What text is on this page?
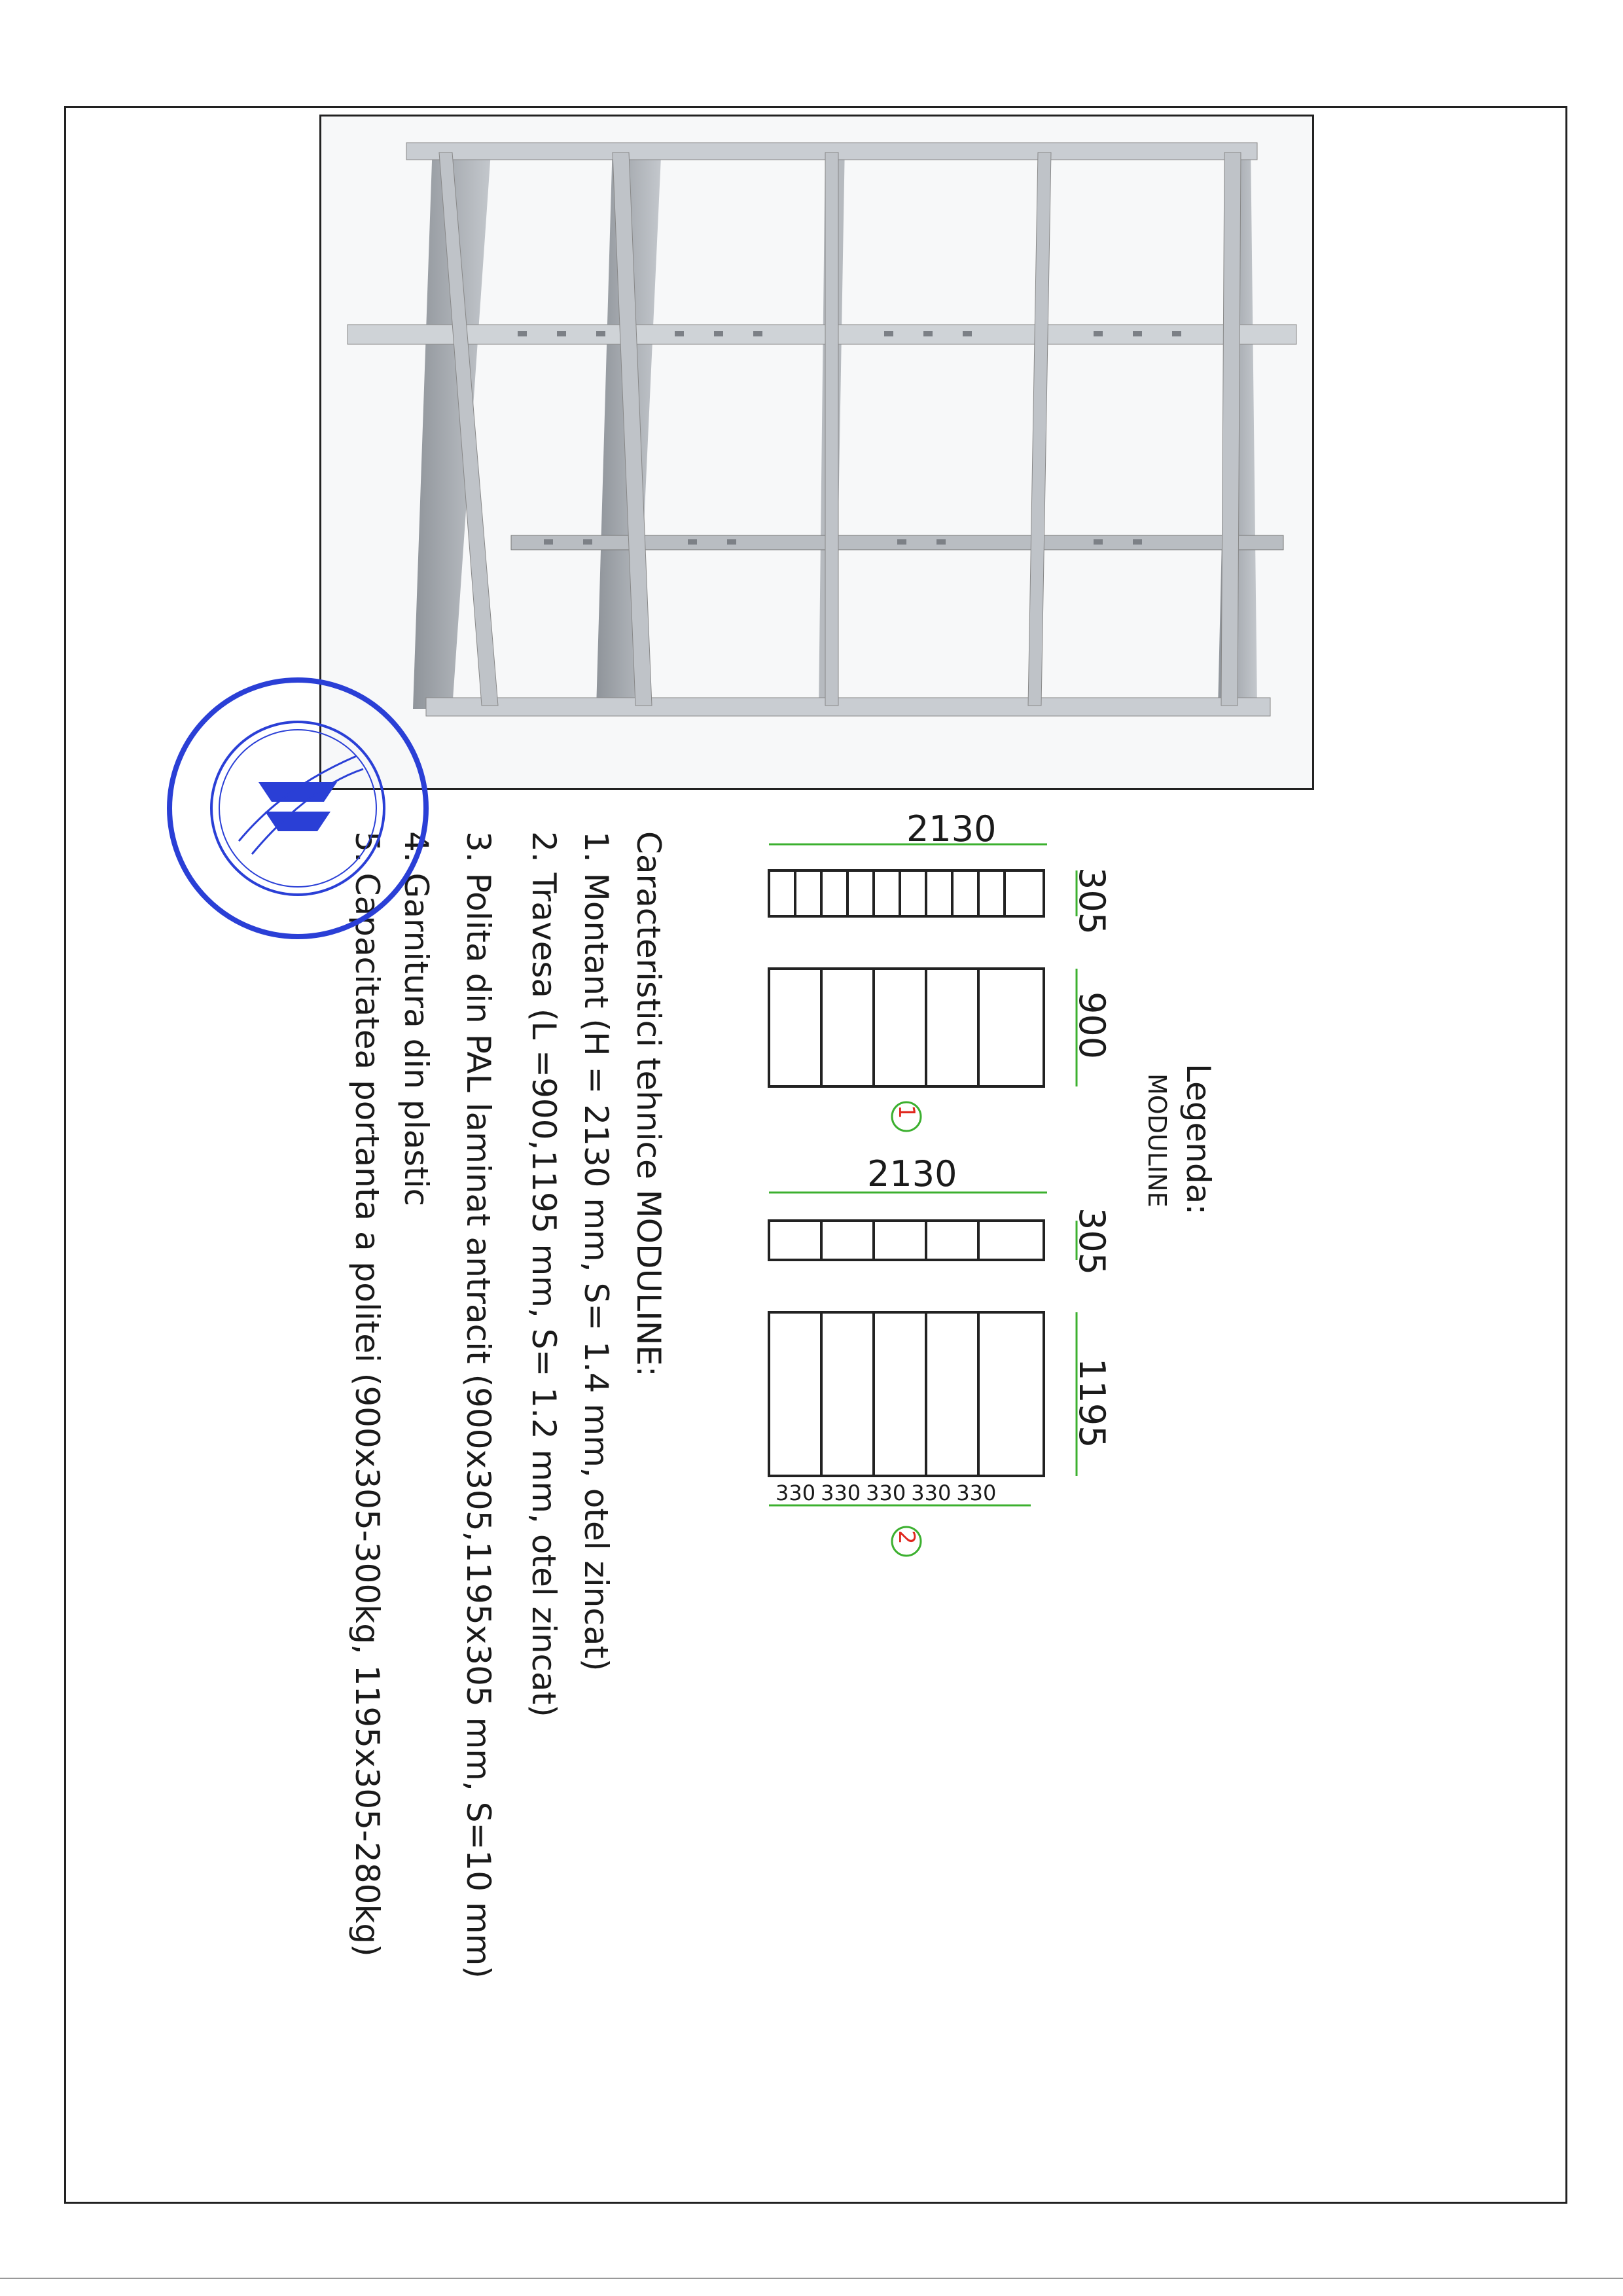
2130
305
900
1
2130
305
1195
2
330 330 330 330 330
Legenda:
MODULINE
Caracteristici tehnice MODULINE:
1. Montant (H = 2130 mm, S= 1.4 mm, otel zincat)
2. Travesa (L =900,1195 mm, S= 1.2 mm, otel zincat)
3. Polita din PAL laminat antracit (900x305,1195x305 mm, S=10 mm)
4. Garnitura din plastic
5. Capacitatea portanta a politei (900x305-300kg, 1195x305-280kg)
